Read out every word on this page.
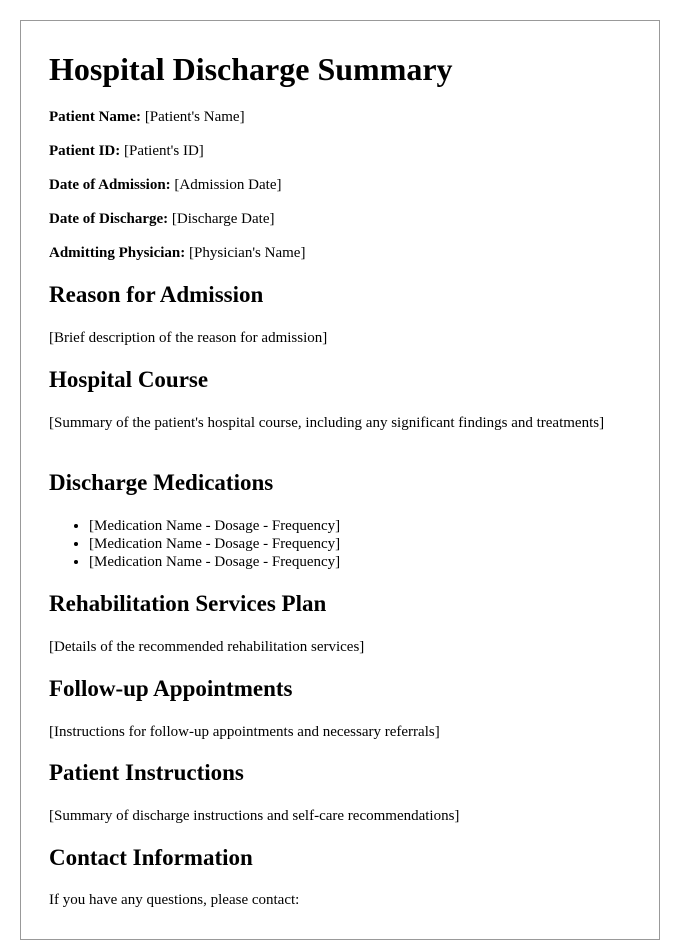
Hospital Discharge Summary
Patient Name: [Patient's Name]
Patient ID: [Patient's ID]
Date of Admission: [Admission Date]
Date of Discharge: [Discharge Date]
Admitting Physician: [Physician's Name]
Reason for Admission
[Brief description of the reason for admission]
Hospital Course
[Summary of the patient's hospital course, including any significant findings and treatments]
Discharge Medications
• [Medication Name - Dosage - Frequency]
• [Medication Name - Dosage - Frequency]
• [Medication Name - Dosage - Frequency]
Rehabilitation Services Plan
[Details of the recommended rehabilitation services]
Follow-up Appointments
[Instructions for follow-up appointments and necessary referrals]
Patient Instructions
[Summary of discharge instructions and self-care recommendations]
Contact Information
If you have any questions, please contact:
